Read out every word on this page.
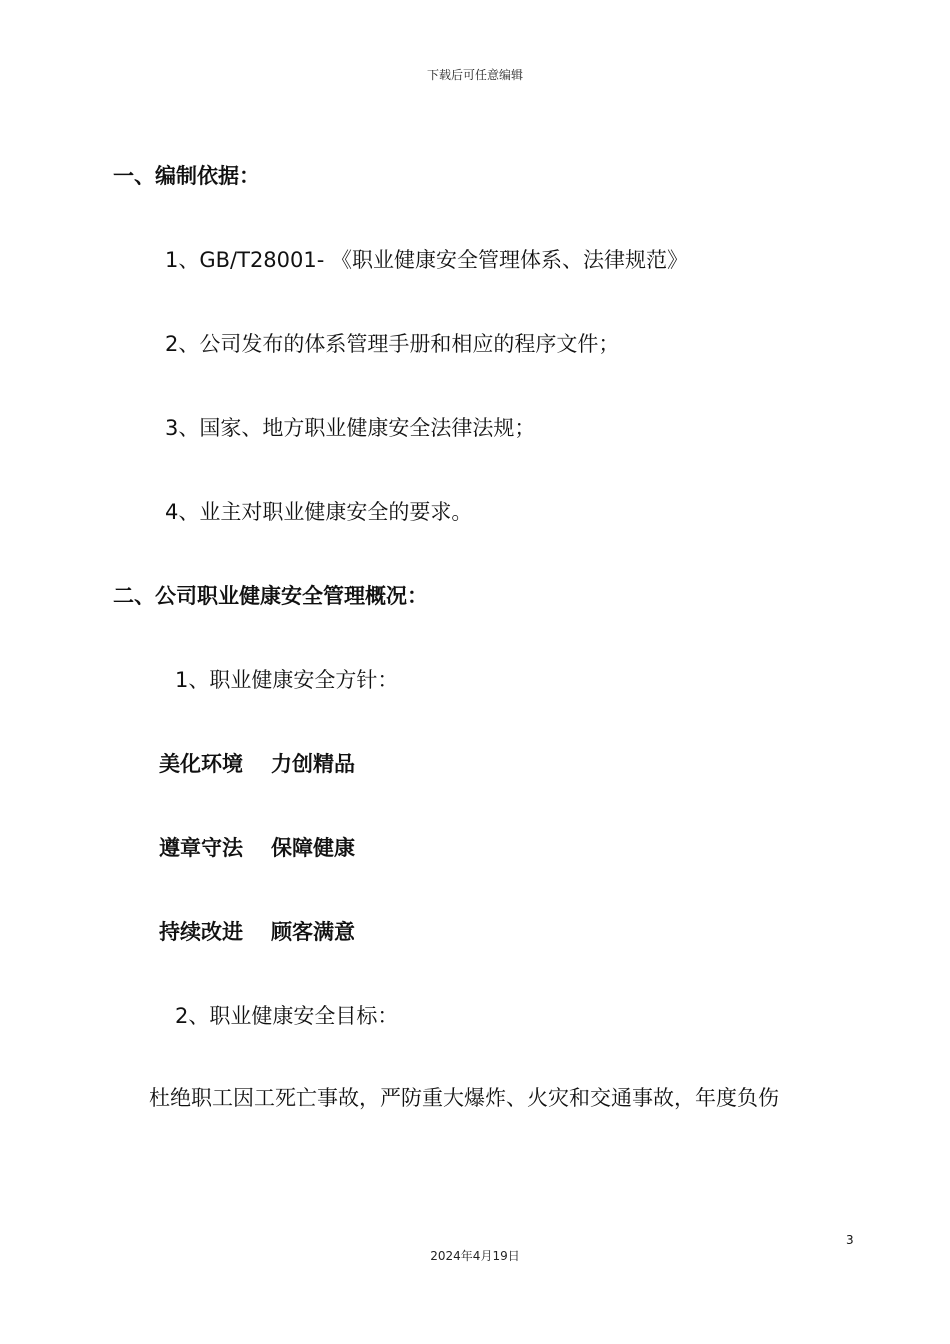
下载后可任意编辑
一、编制依据：
1、GB/T28001- 《职业健康安全管理体系、法律规范》
2、公司发布的体系管理手册和相应的程序文件；
3、国家、地方职业健康安全法律法规；
4、业主对职业健康安全的要求。
二、公司职业健康安全管理概况：
1、职业健康安全方针：
美化环境 力创精品
遵章守法 保障健康
持续改进 顾客满意
2、职业健康安全目标：
杜绝职工因工死亡事故，严防重大爆炸、火灾和交通事故，年度负伤
3
2024年4月19日
